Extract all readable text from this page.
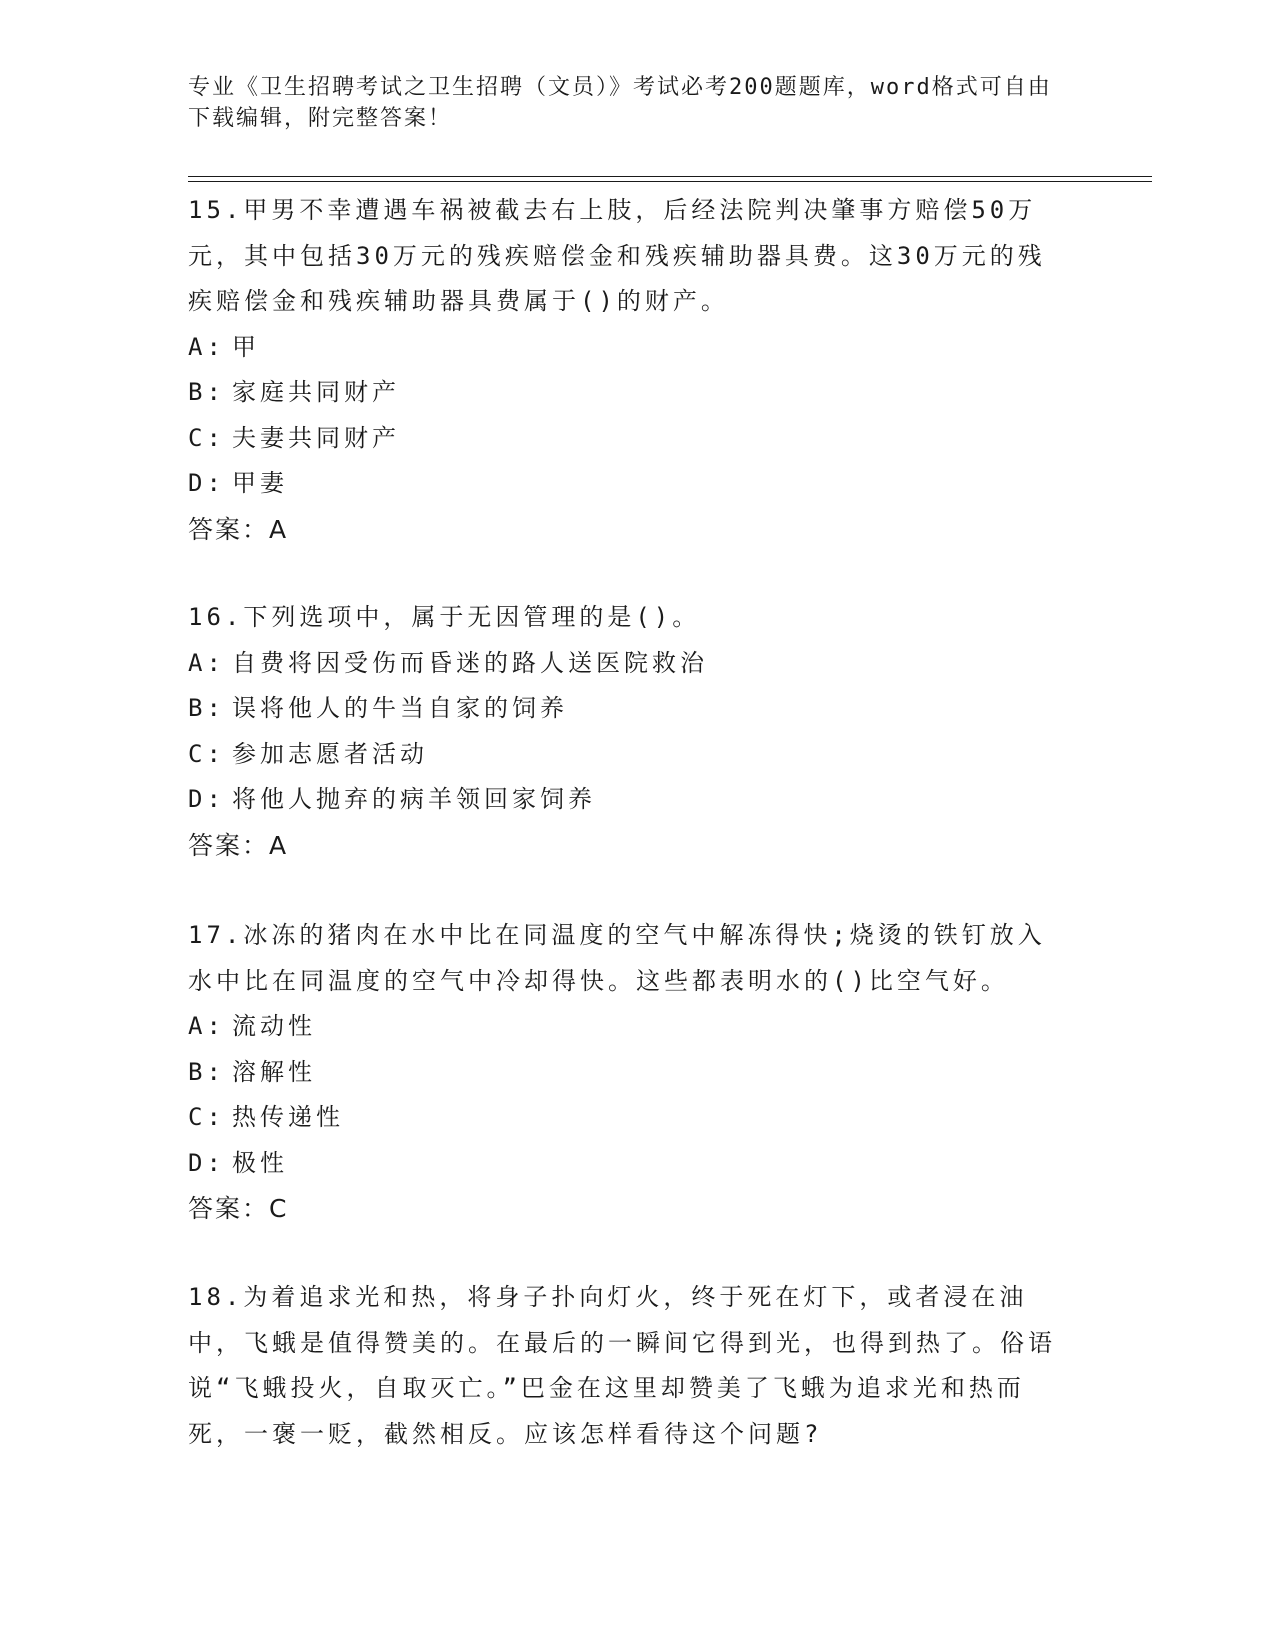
专业《卫生招聘考试之卫生招聘（文员）》考试必考200题题库，word格式可自由下载编辑，附完整答案！

15.甲男不幸遭遇车祸被截去右上肢，后经法院判决肇事方赔偿50万元，其中包括30万元的残疾赔偿金和残疾辅助器具费。这30万元的残疾赔偿金和残疾辅助器具费属于()的财产。

A: 甲

B: 家庭共同财产

C: 夫妻共同财产

D: 甲妻

答案：A

16.下列选项中，属于无因管理的是()。

A: 自费将因受伤而昏迷的路人送医院救治

B: 误将他人的牛当自家的饲养

C: 参加志愿者活动

D: 将他人抛弃的病羊领回家饲养

答案：A

17.冰冻的猪肉在水中比在同温度的空气中解冻得快;烧烫的铁钉放入水中比在同温度的空气中冷却得快。这些都表明水的()比空气好。

A: 流动性

B: 溶解性

C: 热传递性

D: 极性

答案：C

18.为着追求光和热，将身子扑向灯火，终于死在灯下，或者浸在油中，飞蛾是值得赞美的。在最后的一瞬间它得到光，也得到热了。俗语说“飞蛾投火，自取灭亡。”巴金在这里却赞美了飞蛾为追求光和热而死，一褒一贬，截然相反。应该怎样看待这个问题?
